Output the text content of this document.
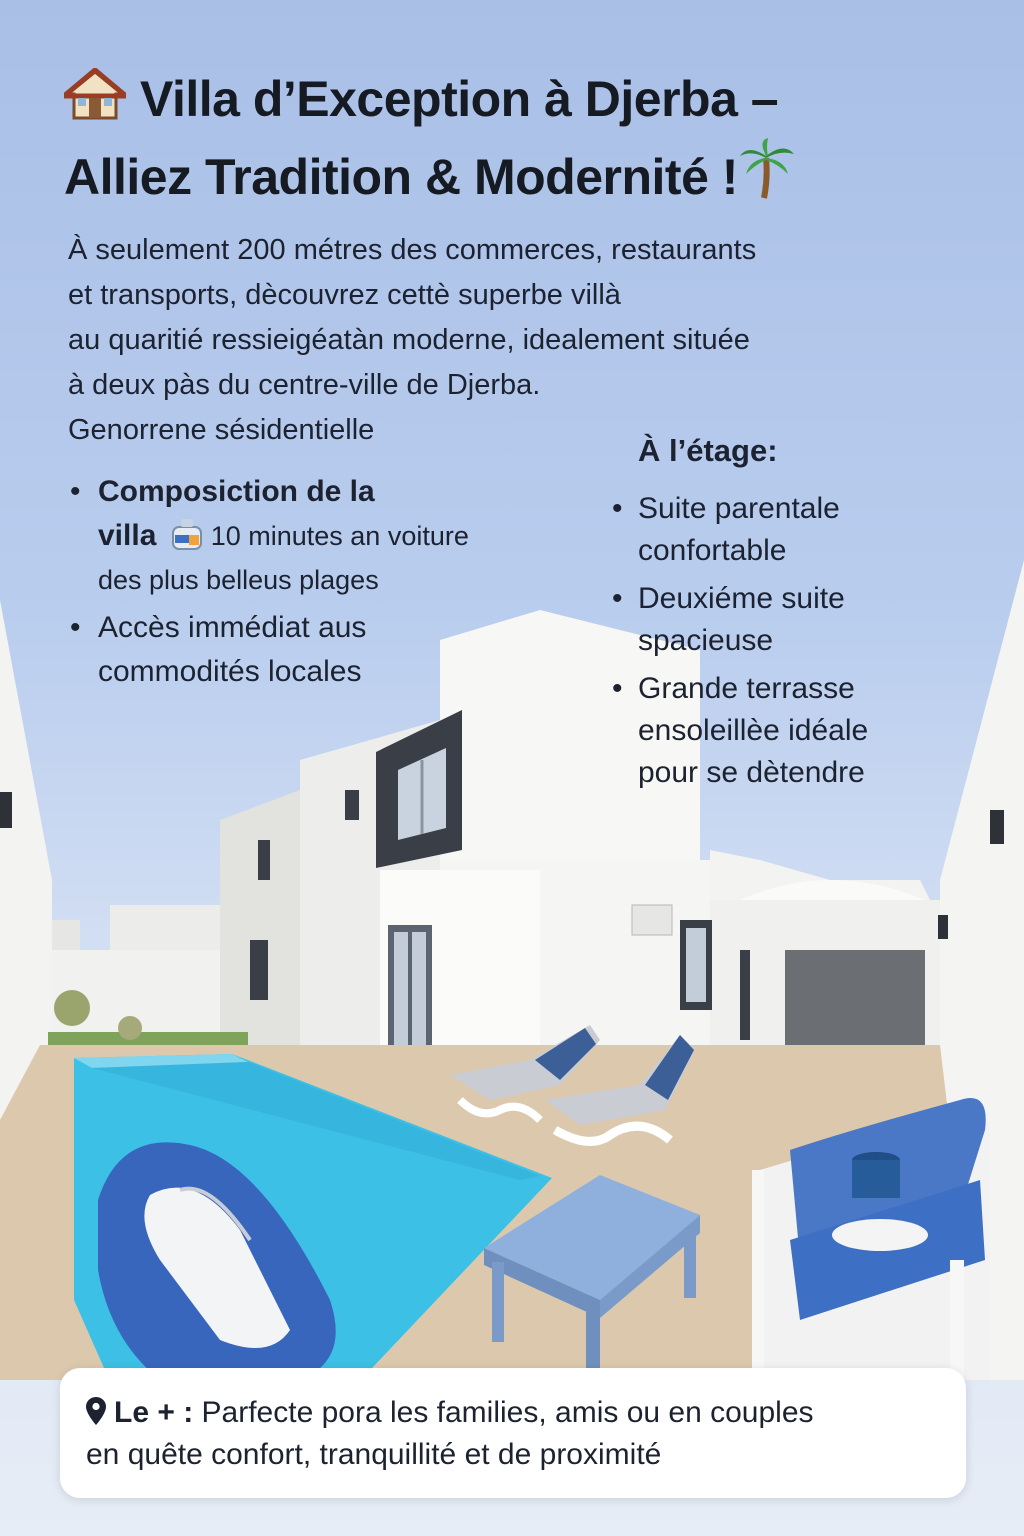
Villa d’Exception à Djerba –
Alliez Tradition & Modernité !
À seulement 200 métres des commerces, restaurants
et transports, dècouvrez cettè superbe villà
au quaritié ressieigéatàn moderne, idealement située
à deux pàs du centre-ville de Djerba.
Genorrene sésidentielle
• Composiction de la
villa 10 minutes an voiture
des plus belleus plages
• Accès immédiat aus
commodités locales
À l’étage:
• Suite parentale
confortable
• Deuxiéme suite
spacieuse
• Grande terrasse
ensoleillèe idéale
pour se dètendre
Le + : Parfecte pora les families, amis ou en couples
en quête confort, tranquillité et de proximité
